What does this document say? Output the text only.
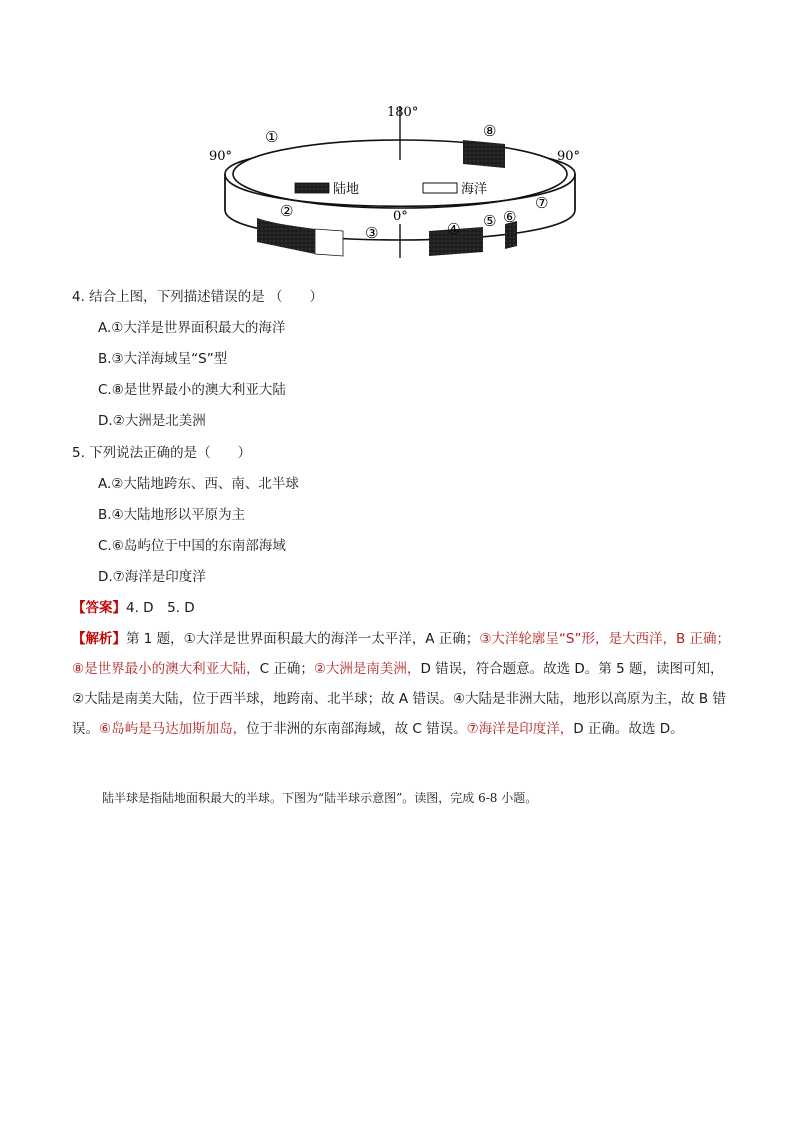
陆地	海洋
180°
90°	90°
0°
①
②
③	④ ⑤ ⑥
⑦
⑧
4. 结合上图，下列描述错误的是 （　　）
A.①大洋是世界面积最大的海洋
B.③大洋海域呈“S”型
C.⑧是世界最小的澳大利亚大陆
D.②大洲是北美洲
5. 下列说法正确的是（　　）
A.②大陆地跨东、西、南、北半球
B.④大陆地形以平原为主
C.⑥岛屿位于中国的东南部海域
D.⑦海洋是印度洋
【答案】4. D　5. D
【解析】第 1 题，①大洋是世界面积最大的海洋一太平洋，A 正确；③大洋轮廓呈“S”形，是大西洋，B 正确；⑧是世界最小的澳大利亚大陆，C 正确；②大洲是南美洲，D 错误，符合题意。故选 D。第 5 题，读图可知，②大陆是南美大陆，位于西半球，地跨南、北半球；故 A 错误。④大陆是非洲大陆，地形以高原为主，故 B 错误。⑥岛屿是马达加斯加岛，位于非洲的东南部海域，故 C 错误。⑦海洋是印度洋，D 正确。故选 D。
陆半球是指陆地面积最大的半球。下图为“陆半球示意图”。读图，完成 6-8 小题。
